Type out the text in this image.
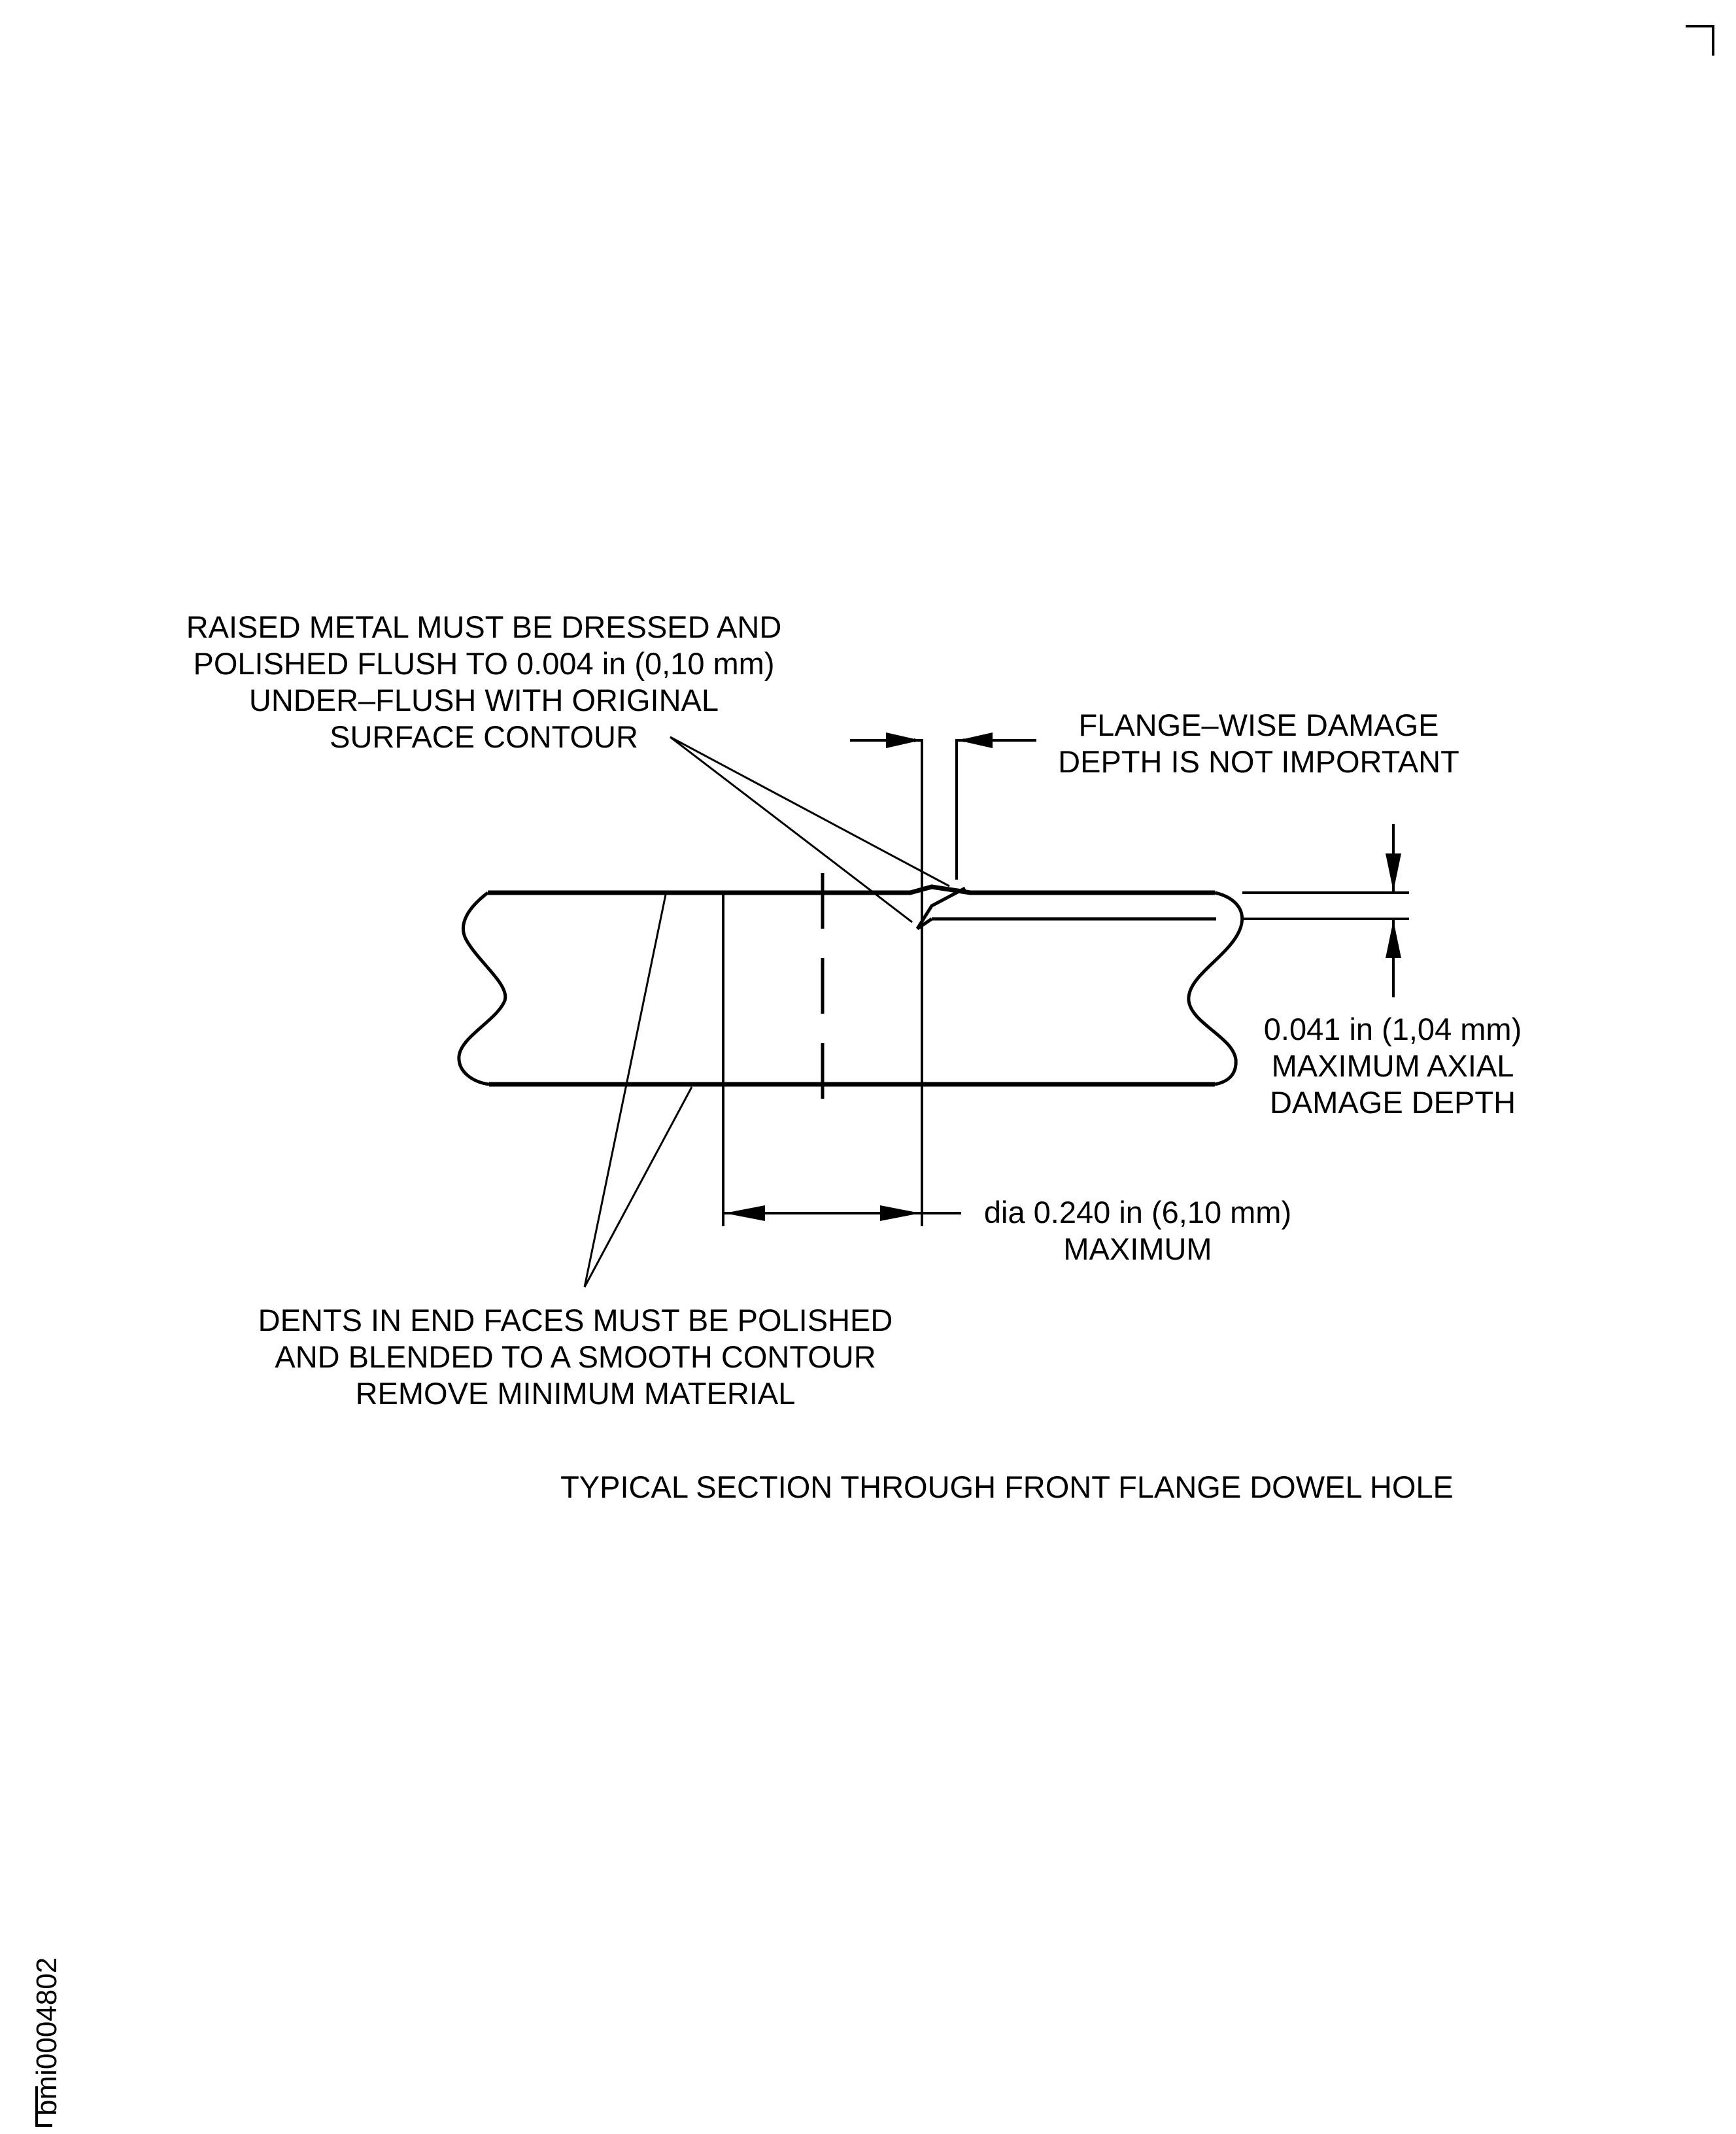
RAISED METAL MUST BE DRESSED AND
POLISHED FLUSH TO 0.004 in (0,10 mm)
UNDER–FLUSH WITH ORIGINAL
SURFACE CONTOUR	FLANGE–WISE DAMAGE
DEPTH IS NOT IMPORTANT
0.041 in (1,04 mm)
MAXIMUM AXIAL
DAMAGE DEPTH
dia 0.240 in (6,10 mm)
MAXIMUM
DENTS IN END FACES MUST BE POLISHED
AND BLENDED TO A SMOOTH CONTOUR
REMOVE MINIMUM MATERIAL
TYPICAL SECTION THROUGH FRONT FLANGE DOWEL HOLE
bmi0004802
